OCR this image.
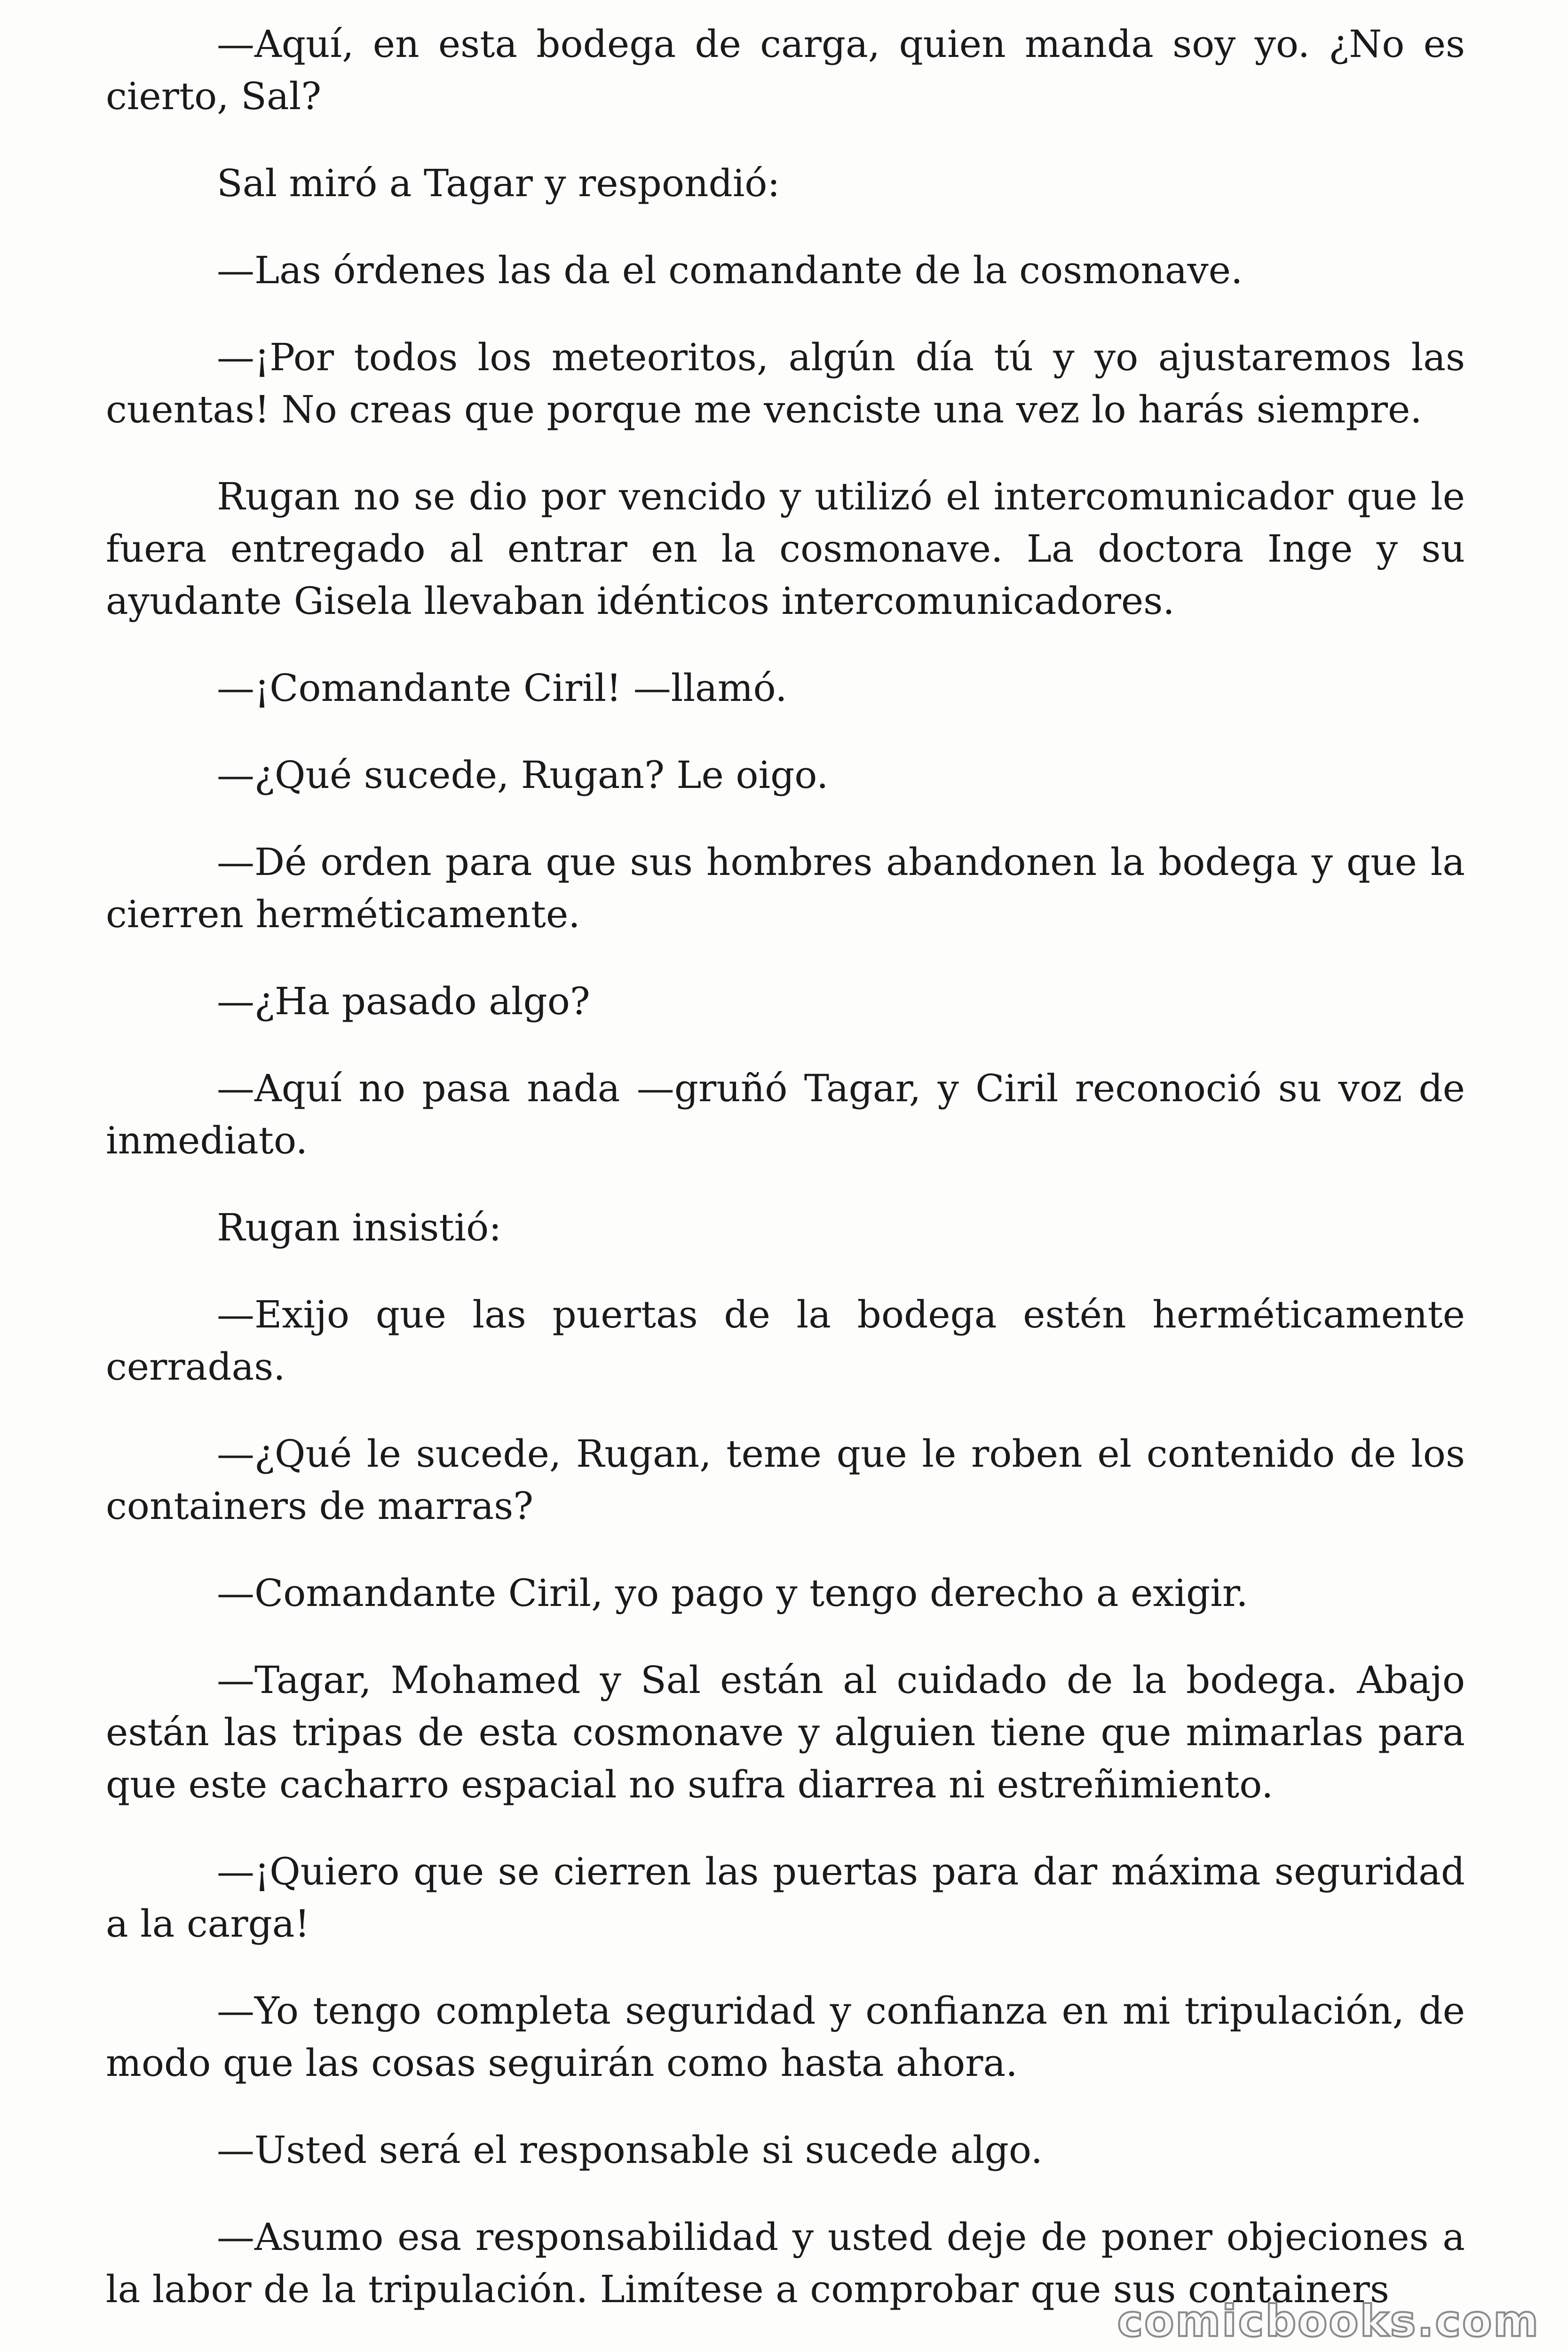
—Aquí, en esta bodega de carga, quien manda soy yo. ¿No es cierto, Sal?

Sal miró a Tagar y respondió:

—Las órdenes las da el comandante de la cosmonave.

—¡Por todos los meteoritos, algún día tú y yo ajustaremos las cuentas! No creas que porque me venciste una vez lo harás siempre.

Rugan no se dio por vencido y utilizó el intercomunicador que le fuera entregado al entrar en la cosmonave. La doctora Inge y su ayudante Gisela llevaban idénticos intercomunicadores.

—¡Comandante Ciril! —llamó.

—¿Qué sucede, Rugan? Le oigo.

—Dé orden para que sus hombres abandonen la bodega y que la cierren herméticamente.

—¿Ha pasado algo?

—Aquí no pasa nada —gruñó Tagar, y Ciril reconoció su voz de inmediato.

Rugan insistió:

—Exijo que las puertas de la bodega estén herméticamente cerradas.

—¿Qué le sucede, Rugan, teme que le roben el contenido de los containers de marras?

—Comandante Ciril, yo pago y tengo derecho a exigir.

—Tagar, Mohamed y Sal están al cuidado de la bodega. Abajo están las tripas de esta cosmonave y alguien tiene que mimarlas para que este cacharro espacial no sufra diarrea ni estreñimiento.

—¡Quiero que se cierren las puertas para dar máxima seguridad a la carga!

—Yo tengo completa seguridad y confianza en mi tripulación, de modo que las cosas seguirán como hasta ahora.

—Usted será el responsable si sucede algo.

—Asumo esa responsabilidad y usted deje de poner objeciones a la labor de la tripulación. Limítese a comprobar que sus containers

comicbooks.com
